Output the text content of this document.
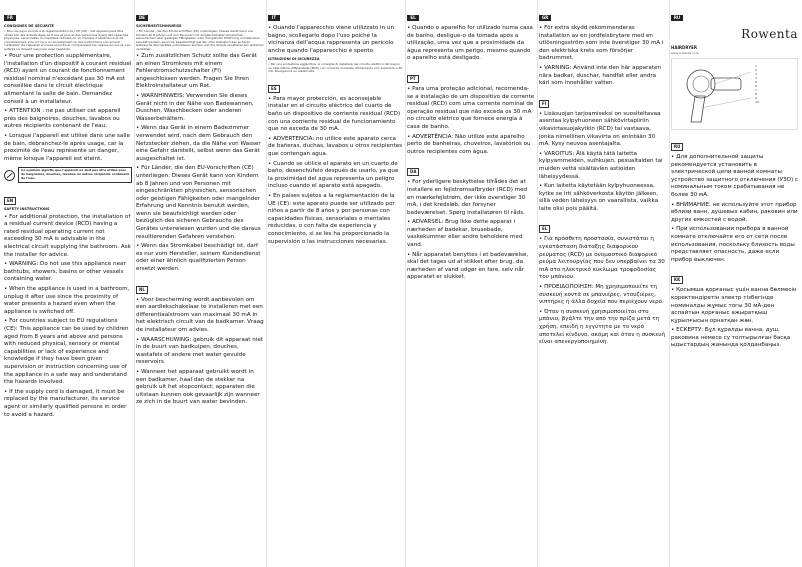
FR
CONSIGNES DE SÉCURITÉ

• Pour les pays soumis à la réglementation de l'UE (CE) : Cet appareil peut être utilisé par des enfants âgés de 8 ans et plus et des personnes ayant des capacités physiques, sensorielles ou mentales réduites ou un manque d'expérience et de connaissances, s'ils ont reçu un encadrement ou des instructions concernant l'utilisation de l'appareil en toute sécurité et comprennent les risques encourus. Les enfants ne doivent pas jouer avec l'appareil.

• Pour une protection supplémentaire, l'installation d'un dispositif à courant résiduel (RCD) ayant un courant de fonctionnement résiduel nominal n'excédant pas 30 mA est conseillée dans le circuit électrique alimentant la salle de bain. Demandez conseil à un installateur.

• ATTENTION : ne pas utiliser cet appareil près des baignoires, douches, lavabos ou autres récipients contenant de l'eau.

• Lorsque l'appareil est utilisé dans une salle de bain, débranchez-le après usage, car la proximité de l'eau représente un danger, même lorsque l'appareil est éteint.

Ce symbole signifie que l'appareil ne doit pas être utilisé près de baignoires, douches, lavabos ou autres récipients contenant de l'eau.
EN
SAFETY INSTRUCTIONS

• For additional protection, the installation of a residual current device (RCD) having a rated residual operating current not exceeding 30 mA is advisable in the electrical circuit supplying the bathroom. Ask the installer for advice.

• WARNING: Do not use this appliance near bathtubs, showers, basins or other vessels containing water.

• When the appliance is used in a bathroom, unplug it after use since the proximity of water presents a hazard even when the appliance is switched off.

• For countries subject to EU regulations (CE): This appliance can be used by children aged from 8 years and above and persons with reduced physical, sensory or mental capabilities or lack of experience and knowledge if they have been given supervision or instruction concerning use of the appliance in a safe way and understand the hazards involved.

• If the supply cord is damaged, it must be replaced by the manufacturer, its service agent or similarly qualified persons in order to avoid a hazard.

DE
SICHERHEITSHINWEISE

• Für Länder, die den EU-Vorschriften (CE) unterliegen: Dieses Gerät kann von Kindern ab 8 Jahren und von Personen mit eingeschränkten physischen, sensorischen oder geistigen Fähigkeiten oder mangelnder Erfahrung und Kenntnis benutzt werden, wenn sie beaufsichtigt werden oder bezüglich des sicheren Gebrauchs des Gerätes unterwiesen wurden und die daraus resultierenden Gefahren verstehen.

• Zum zusätzlichen Schutz sollte das Gerät an einen Stromkreis mit einem Fehlerstromschutzschalter (FI) angeschlossen werden. Fragen Sie Ihren Elektroinstallateur um Rat.

• WARNHINWEIS: Verwenden Sie dieses Gerät nicht in der Nähe von Badewannen, Duschen, Waschbecken oder anderen Wasserbehältern.

• Wenn das Gerät in einem Badezimmer verwendet wird, nach dem Gebrauch den Netzstecker ziehen, da die Nähe von Wasser eine Gefahr darstellt, selbst wenn das Gerät ausgeschaltet ist.

• Für Länder, die den EU-Vorschriften (CE) unterliegen: Dieses Gerät kann von Kindern ab 8 Jahren und von Personen mit eingeschränkten physischen, sensorischen oder geistigen Fähigkeiten oder mangelnder Erfahrung und Kenntnis benutzt werden, wenn sie beaufsichtigt werden oder bezüglich des sicheren Gebrauchs des Gerätes unterwiesen wurden und die daraus resultierenden Gefahren verstehen.

• Wenn das Stromkabel beschädigt ist, darf es nur vom Hersteller, seinem Kundendienst oder einer ähnlich qualifizierten Person ersetzt werden.

NL

• Voor bescherming wordt aanbevolen om een aardlekschakelaar te installeren met een differentiaalstroom van maximaal 30 mA in het elektrisch circuit van de badkamer. Vraag de installateur om advies.

• WAARSCHUWING: gebruik dit apparaat niet in de buurt van badkuipen, douches, wastafels of andere met water gevulde reservoirs.

• Wanneer het apparaat gebruikt wordt in een badkamer, haal dan de stekker na gebruik uit het stopcontact; apparaten die uitstaan kunnen ook gevaarlijk zijn wanneer ze zich in de buurt van water bevinden.

IT

• Quando l'apparecchio viene utilizzato in un bagno, scollegarlo dopo l'uso poiché la vicinanza dell'acqua rappresenta un pericolo anche quando l'apparecchio è spento.

ISTRUZIONI DI SICUREZZA

• Per una protezione aggiuntiva, si consiglia di installare nel circuito elettrico del bagno un interruttore differenziale (RCD) con corrente nominale d'intervento non superiore a 30 mA. Rivolgersi a un elettricista.

ES

• Para mayor protección, es aconsejable instalar en el circuito eléctrico del cuarto de baño un dispositivo de corriente residual (RCD) con una corriente residual de funcionamiento que no exceda de 30 mA.

• ADVERTENCIA: no utilice este aparato cerca de bañeras, duchas, lavabos u otros recipientes que contengan agua.

• Cuando se utilice el aparato en un cuarto de baño, desenchúfelo después de usarlo, ya que la proximidad del agua representa un peligro incluso cuando el aparato está apagado.

• En países sujetos a la reglamentación de la UE (CE): este aparato puede ser utilizado por niños a partir de 8 años y por personas con capacidades físicas, sensoriales o mentales reducidas, o con falta de experiencia y conocimiento, si se les ha proporcionado la supervisión o las instrucciones necesarias.

EL

• Quando o aparelho for utilizado numa casa de banho, desligue-o da tomada após a utilização, uma vez que a proximidade da água representa um perigo, mesmo quando o aparelho está desligado.

PT

• Para uma proteção adicional, recomenda-se a instalação de um dispositivo de corrente residual (RCD) com uma corrente nominal de operação residual que não exceda os 30 mA no circuito elétrico que fornece energia à casa de banho.

• ADVERTÊNCIA: Não utilize este aparelho perto de banheiras, chuveiros, lavatórios ou outros recipientes com água.

DA

• For yderligere beskyttelse tilrådes det at installere en fejlstrømsafbryder (RCD) med en mærkefejlstrøm, der ikke overstiger 30 mA, i det kredsløb, der forsyner badeværelset. Spørg installatøren til råds.

• ADVARSEL: Brug ikke dette apparat i nærheden af badekar, brusebade, vaskekummer eller andre beholdere med vand.

• Når apparatet benyttes i et badeværelse, skal det tages ud af stikket efter brug, da nærheden af vand udgør en fare, selv når apparatet er slukket.

GR

• För extra skydd rekommenderas installation av en jordfelsbrytare med en utlösningsström som inte överstiger 30 mA i den elektriska krets som försörjer badrummet.

• VARNING: Använd inte den här apparaten nära badkar, duschar, handfat eller andra kärl som innehåller vatten.

FI

• Lisäsuojan tarjoamiseksi on suositeltavaa asentaa kylpyhuoneen sähkövirtapiiriin vikavirtasuojakytkin (RCD) tai vastaava, jonka nimellinen vikavirta on enintään 30 mA. Kysy neuvoa asentajalta.

• VAROITUS: Älä käytä tätä laitetta kylpyammeiden, suihkujen, pesualtaiden tai muiden vettä sisältävien astioiden läheisyydessä.

• Kun laitetta käytetään kylpyhuoneessa, kytke se irti sähköverkosta käytön jälkeen, sillä veden läheisyys on vaarallista, vaikka laite olisi pois päältä.

EL

• Για πρόσθετη προστασία, συνιστάται η εγκατάσταση διάταξης διαφορικού ρεύματος (RCD) με ονομαστικό διαφορικό ρεύμα λειτουργίας που δεν υπερβαίνει τα 30 mA στο ηλεκτρικό κύκλωμα τροφοδοσίας του μπάνιου.

• ΠΡΟΕΙΔΟΠΟΙΗΣΗ: Μη χρησιμοποιείτε τη συσκευή κοντά σε μπανιέρες, ντουζιέρες, νιπτήρες ή άλλα δοχεία που περιέχουν νερό.

• Όταν η συσκευή χρησιμοποιείται στο μπάνιο, βγάλτε την από την πρίζα μετά τη χρήση, επειδή η εγγύτητα με το νερό αποτελεί κίνδυνο, ακόμη και όταν η συσκευή είναι απενεργοποιημένη.

RU
Rowenta
HAIRDRYER
www.rowenta.com
1
2
3
4
5
6
7
8
9
10
RU

• Для дополнительной защиты рекомендуется установить в электрической цепи ванной комнаты устройство защитного отключения (УЗО) с номинальным током срабатывания не более 30 мА.

• ВНИМАНИЕ: не используйте этот прибор вблизи ванн, душевых кабин, раковин или других емкостей с водой.

• При использовании прибора в ванной комнате отключайте его от сети после использования, поскольку близость воды представляет опасность, даже если прибор выключен.

KK

• Қосымша қорғаныс үшін ванна бөлмесін қоректендіретін электр тізбегінде номиналды жұмыс тогы 30 мА-ден аспайтын қорғаныс ажыратқыш құрылғысын орнатқан жөн.

• ЕСКЕРТУ: Бұл құралды ванна, душ, раковина немесе су толтырылған басқа ыдыстардың жанында қолданбаңыз.
